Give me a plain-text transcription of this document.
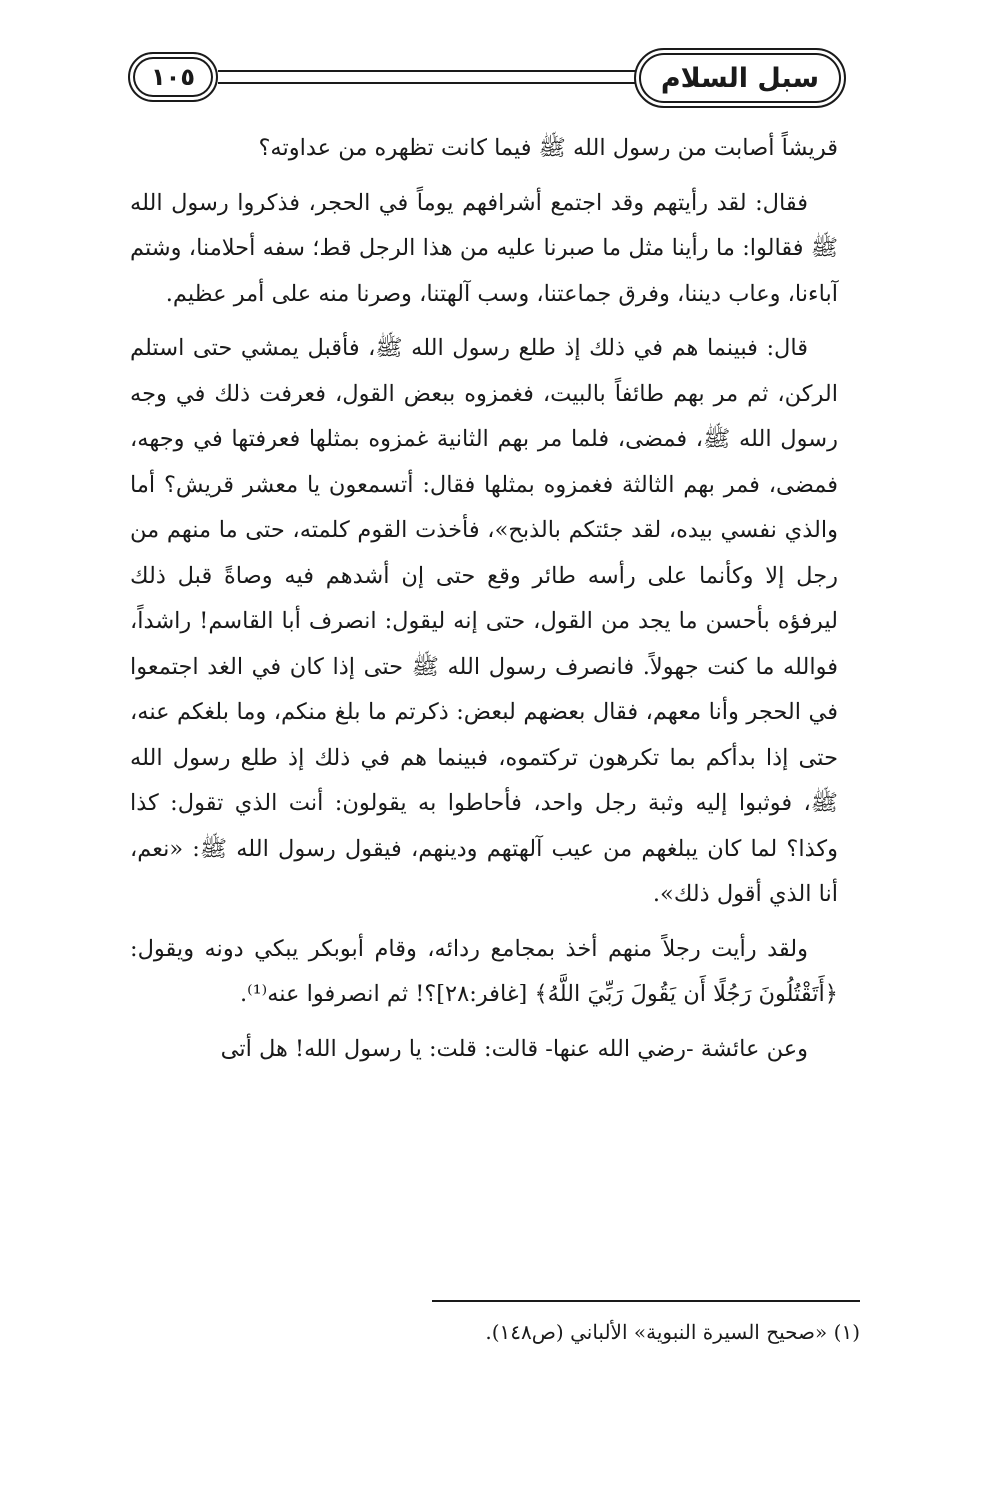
١٠٥	سبل السلام

قريشاً أصابت من رسول الله ﷺ فيما كانت تظهره من عداوته؟

فقال: لقد رأيتهم وقد اجتمع أشرافهم يوماً في الحجر، فذكروا رسول الله ﷺ فقالوا: ما رأينا مثل ما صبرنا عليه من هذا الرجل قط؛ سفه أحلامنا، وشتم آباءنا، وعاب ديننا، وفرق جماعتنا، وسب آلهتنا، وصرنا منه على أمر عظيم.

قال: فبينما هم في ذلك إذ طلع رسول الله ﷺ، فأقبل يمشي حتى استلم الركن، ثم مر بهم طائفاً بالبيت، فغمزوه ببعض القول، فعرفت ذلك في وجه رسول الله ﷺ، فمضى، فلما مر بهم الثانية غمزوه بمثلها فعرفتها في وجهه، فمضى، فمر بهم الثالثة فغمزوه بمثلها فقال: أتسمعون يا معشر قريش؟ أما والذي نفسي بيده، لقد جئتكم بالذبح»، فأخذت القوم كلمته، حتى ما منهم من رجل إلا وكأنما على رأسه طائر وقع حتى إن أشدهم فيه وصاةً قبل ذلك ليرفؤه بأحسن ما يجد من القول، حتى إنه ليقول: انصرف أبا القاسم! راشداً، فوالله ما كنت جهولاً. فانصرف رسول الله ﷺ حتى إذا كان في الغد اجتمعوا في الحجر وأنا معهم، فقال بعضهم لبعض: ذكرتم ما بلغ منكم، وما بلغكم عنه، حتى إذا بدأكم بما تكرهون تركتموه، فبينما هم في ذلك إذ طلع رسول الله ﷺ، فوثبوا إليه وثبة رجل واحد، فأحاطوا به يقولون: أنت الذي تقول: كذا وكذا؟ لما كان يبلغهم من عيب آلهتهم ودينهم، فيقول رسول الله ﷺ: «نعم، أنا الذي أقول ذلك».

ولقد رأيت رجلاً منهم أخذ بمجامع ردائه، وقام أبوبكر يبكي دونه ويقول: ﴿أَتَقْتُلُونَ رَجُلًا أَن يَقُولَ رَبِّيَ اللَّهُ﴾ [غافر:٢٨]؟! ثم انصرفوا عنه⁽¹⁾.

وعن عائشة -رضي الله عنها- قالت: قلت: يا رسول الله! هل أتى

(١) «صحيح السيرة النبوية» الألباني (ص١٤٨).
